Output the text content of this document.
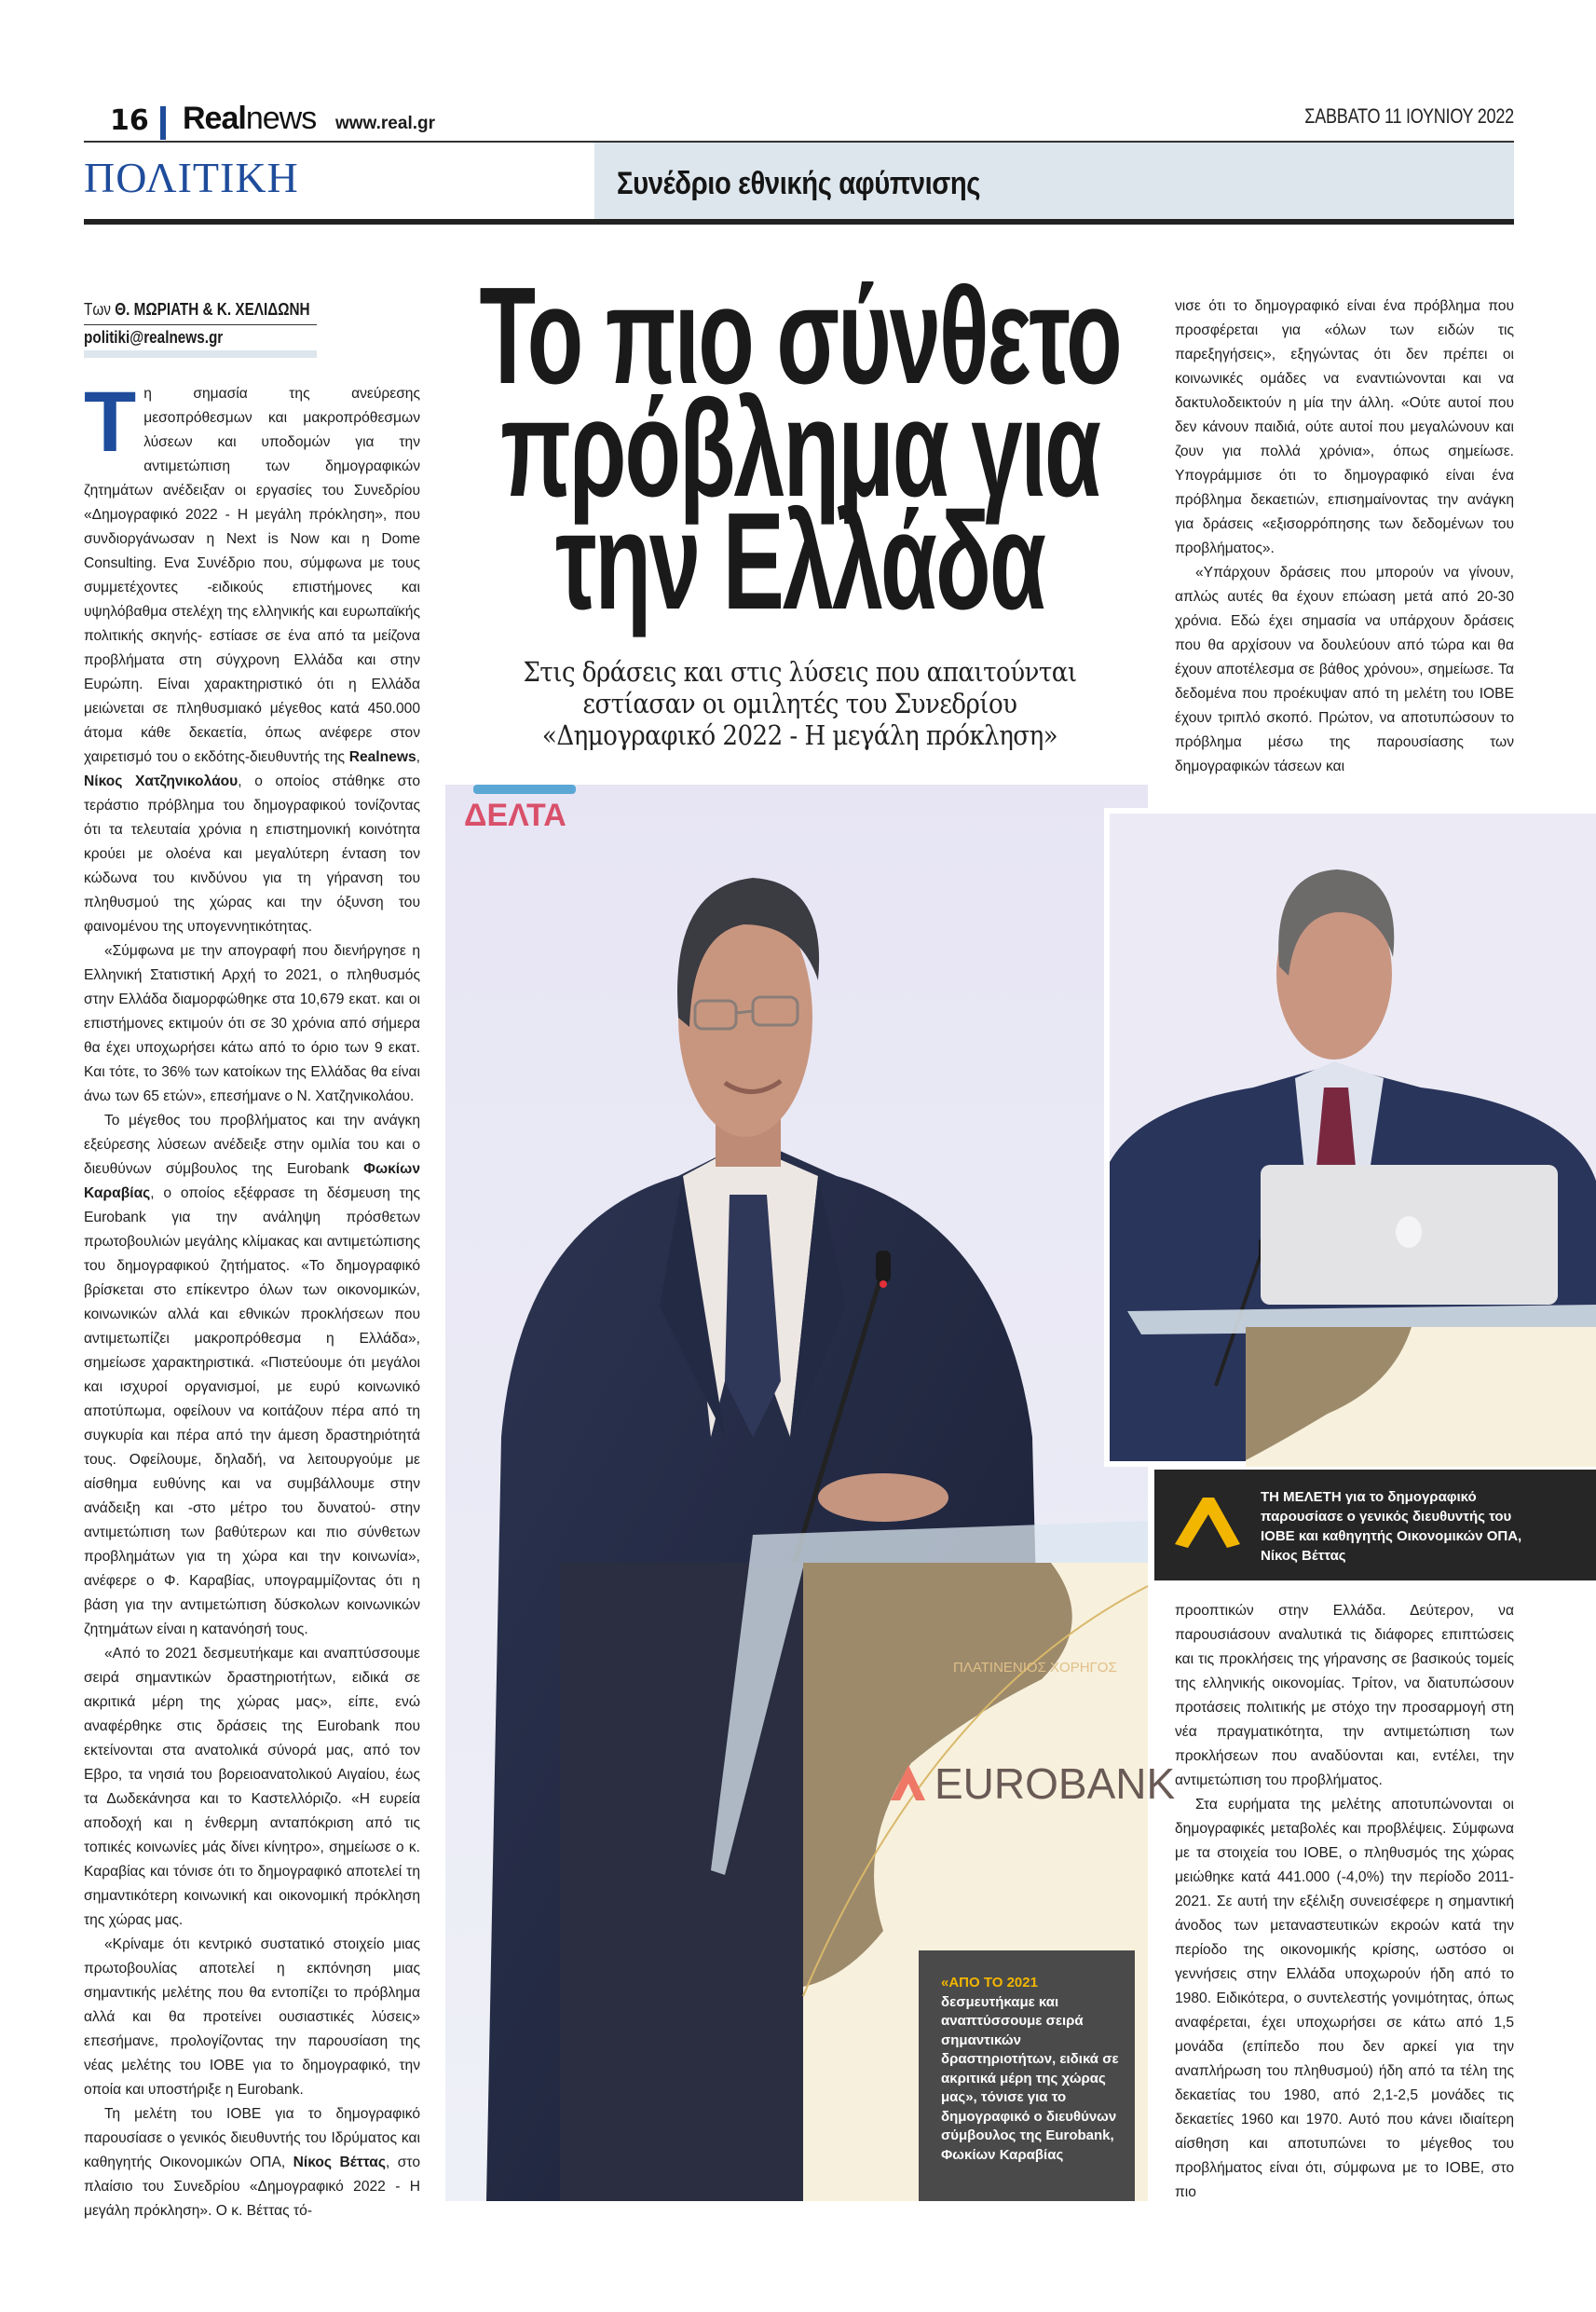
16 Realnews www.real.gr	ΣΑΒΒΑΤΟ 11 ΙΟΥΝΙΟΥ 2022
ΠΟΛΙΤΙΚΗ	Συνέδριο εθνικής αφύπνισης
Των Θ. ΜΩΡΙΑΤΗ & Κ. ΧΕΛΙΔΩΝΗ
politiki@realnews.gr Το πιο σύνθετο
πρόβλημα για
την Ελλάδα
Στις δράσεις και στις λύσεις που απαιτούνται
εστίασαν οι ομιλητές του Συνεδρίου
«Δημογραφικό 2022 - Η μεγάλη πρόκληση»
Τ η σημασία της ανεύρεσης μεσοπρόθεσμων και μακροπρόθεσμων λύσεων και υποδομών για την αντιμετώπιση των δημογραφικών ζητημάτων ανέδειξαν οι εργασίες του Συνεδρίου «Δημογραφικό 2022 - Η μεγάλη πρόκληση», που συνδιοργάνωσαν η Next is Now και η Dome Consulting. Ενα Συνέδριο που, σύμφωνα με τους συμμετέχοντες -ειδικούς επιστήμονες και υψηλόβαθμα στελέχη της ελληνικής και ευρωπαϊκής πολιτικής σκηνής- εστίασε σε ένα από τα μείζονα προβλήματα στη σύγχρονη Ελλάδα και στην Ευρώπη. Είναι χαρακτηριστικό ότι η Ελλάδα μειώνεται σε πληθυσμιακό μέγεθος κατά 450.000 άτομα κάθε δεκαετία, όπως ανέφερε στον χαιρετισμό του ο εκδότης-διευθυντής της Realnews, Νίκος Χατζηνικολάου, ο οποίος στάθηκε στο τεράστιο πρόβλημα του δημογραφικού τονίζοντας ότι τα τελευταία χρόνια η επιστημονική κοινότητα κρούει με ολοένα και μεγαλύτερη ένταση τον κώδωνα του κινδύνου για τη γήρανση του πληθυσμού της χώρας και την όξυνση του φαινομένου της υπογεννητικότητας.

«Σύμφωνα με την απογραφή που διενήργησε η Ελληνική Στατιστική Αρχή το 2021, ο πληθυσμός στην Ελλάδα διαμορφώθηκε στα 10,679 εκατ. και οι επιστήμονες εκτιμούν ότι σε 30 χρόνια από σήμερα θα έχει υποχωρήσει κάτω από το όριο των 9 εκατ. Και τότε, το 36% των κατοίκων της Ελλάδας θα είναι άνω των 65 ετών», επεσήμανε ο Ν. Χατζηνικολάου.

Το μέγεθος του προβλήματος και την ανάγκη εξεύρεσης λύσεων ανέδειξε στην ομιλία του και ο διευθύνων σύμβουλος της Eurobank Φωκίων Καραβίας, ο οποίος εξέφρασε τη δέσμευση της Eurobank για την ανάληψη πρόσθετων πρωτοβουλιών μεγάλης κλίμακας και αντιμετώπισης του δημογραφικού ζητήματος. «Το δημογραφικό βρίσκεται στο επίκεντρο όλων των οικονομικών, κοινωνικών αλλά και εθνικών προκλήσεων που αντιμετωπίζει μακροπρόθεσμα η Ελλάδα», σημείωσε χαρακτηριστικά. «Πιστεύουμε ότι μεγάλοι και ισχυροί οργανισμοί, με ευρύ κοινωνικό αποτύπωμα, οφείλουν να κοιτάζουν πέρα από τη συγκυρία και πέρα από την άμεση δραστηριότητά τους. Οφείλουμε, δηλαδή, να λειτουργούμε με αίσθημα ευθύνης και να συμβάλλουμε στην ανάδειξη και -στο μέτρο του δυνατού- στην αντιμετώπιση των βαθύτερων και πιο σύνθετων προβλημάτων για τη χώρα και την κοινωνία», ανέφερε ο Φ. Καραβίας, υπογραμμίζοντας ότι η βάση για την αντιμετώπιση δύσκολων κοινωνικών ζητημάτων είναι η κατανόησή τους.

«Από το 2021 δεσμευτήκαμε και αναπτύσσουμε σειρά σημαντικών δραστηριοτήτων, ειδικά σε ακριτικά μέρη της χώρας μας», είπε, ενώ αναφέρθηκε στις δράσεις της Eurobank που εκτείνονται στα ανατολικά σύνορά μας, από τον Εβρο, τα νησιά του βορειοανατολικού Αιγαίου, έως τα Δωδεκάνησα και το Καστελλόριζο. «Η ευρεία αποδοχή και η ένθερμη ανταπόκριση από τις τοπικές κοινωνίες μάς δίνει κίνητρο», σημείωσε ο κ. Καραβίας και τόνισε ότι το δημογραφικό αποτελεί τη σημαντικότερη κοινωνική και οικονομική πρόκληση της χώρας μας.

«Κρίναμε ότι κεντρικό συστατικό στοιχείο μιας πρωτοβουλίας αποτελεί η εκπόνηση μιας σημαντικής μελέτης που θα εντοπίζει το πρόβλημα αλλά και θα προτείνει ουσιαστικές λύσεις» επεσήμανε, προλογίζοντας την παρουσίαση της νέας μελέτης του ΙΟΒΕ για το δημογραφικό, την οποία και υποστήριξε η Eurobank.

Τη μελέτη του ΙΟΒΕ για το δημογραφικό παρουσίασε ο γενικός διευθυντής του Ιδρύματος και καθηγητής Οικονομικών ΟΠΑ, Νίκος Βέττας, στο πλαίσιο του Συνεδρίου «Δημογραφικό 2022 - Η μεγάλη πρόκληση». Ο κ. Βέττας τό-

νισε ότι το δημογραφικό είναι ένα πρόβλημα που προσφέρεται για «όλων των ειδών τις παρεξηγήσεις», εξηγώντας ότι δεν πρέπει οι κοινωνικές ομάδες να εναντιώνονται και να δακτυλοδεικτούν η μία την άλλη. «Ούτε αυτοί που δεν κάνουν παιδιά, ούτε αυτοί που μεγαλώνουν και ζουν για πολλά χρόνια», όπως σημείωσε. Υπογράμμισε ότι το δημογραφικό είναι ένα πρόβλημα δεκαετιών, επισημαίνοντας την ανάγκη για δράσεις «εξισορρόπησης των δεδομένων του προβλήματος».

«Υπάρχουν δράσεις που μπορούν να γίνουν, απλώς αυτές θα έχουν επώαση μετά από 20-30 χρόνια. Εδώ έχει σημασία να υπάρχουν δράσεις που θα αρχίσουν να δουλεύουν από τώρα και θα έχουν αποτέλεσμα σε βάθος χρόνου», σημείωσε. Τα δεδομένα που προέκυψαν από τη μελέτη του ΙΟΒΕ έχουν τριπλό σκοπό. Πρώτον, να αποτυπώσουν το πρόβλημα μέσω της παρουσίασης των δημογραφικών τάσεων και

προοπτικών στην Ελλάδα. Δεύτερον, να παρουσιάσουν αναλυτικά τις διάφορες επιπτώσεις και τις προκλήσεις της γήρανσης σε βασικούς τομείς της ελληνικής οικονομίας. Τρίτον, να διατυπώσουν προτάσεις πολιτικής με στόχο την προσαρμογή στη νέα πραγματικότητα, την αντιμετώπιση των προκλήσεων που αναδύονται και, εντέλει, την αντιμετώπιση του προβλήματος.

Στα ευρήματα της μελέτης αποτυπώνονται οι δημογραφικές μεταβολές και προβλέψεις. Σύμφωνα με τα στοιχεία του ΙΟΒΕ, ο πληθυσμός της χώρας μειώθηκε κατά 441.000 (-4,0%) την περίοδο 2011-2021. Σε αυτή την εξέλιξη συνεισέφερε η σημαντική άνοδος των μεταναστευτικών εκροών κατά την περίοδο της οικονομικής κρίσης, ωστόσο οι γεννήσεις στην Ελλάδα υποχωρούν ήδη από το 1980. Ειδικότερα, ο συντελεστής γονιμότητας, όπως αναφέρεται, έχει υποχωρήσει σε κάτω από 1,5 μονάδα (επίπεδο που δεν αρκεί για την αναπλήρωση του πληθυσμού) ήδη από τα τέλη της δεκαετίας του 1980, από 2,1-2,5 μονάδες τις δεκαετίες 1960 και 1970. Αυτό που κάνει ιδιαίτερη αίσθηση και αποτυπώνει το μέγεθος του προβλήματος είναι ότι, σύμφωνα με το ΙΟΒΕ, στο πιο

ΔΕΛΤΑ
ΠΛΑΤΙΝΕΝΙΟΣ ΧΟΡΗΓΟΣ
EUROBANK
ΤΗ ΜΕΛΕΤΗ για το δημογραφικό παρουσίασε ο γενικός διευθυντής του ΙΟΒΕ και καθηγητής Οικονομικών ΟΠΑ, Νίκος Βέττας
«ΑΠΟ ΤΟ 2021
δεσμευτήκαμε και αναπτύσσουμε σειρά σημαντικών δραστηριοτήτων, ειδικά σε ακριτικά μέρη της χώρας μας», τόνισε για το δημογραφικό ο διευθύνων σύμβουλος της Eurobank, Φωκίων Καραβίας
